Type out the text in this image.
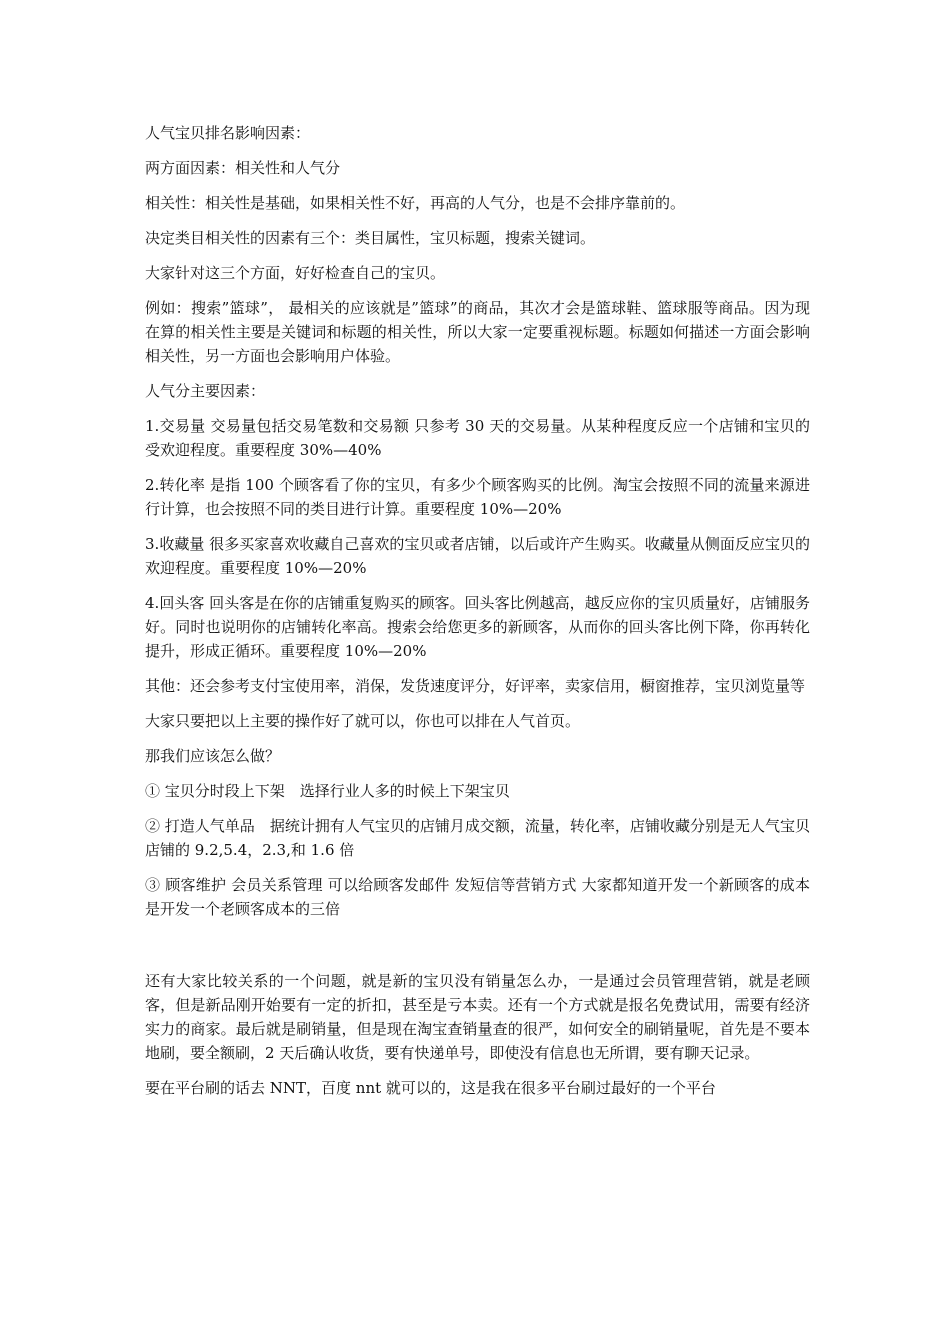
人气宝贝排名影响因素：

两方面因素：相关性和人气分

相关性：相关性是基础，如果相关性不好，再高的人气分，也是不会排序靠前的。

决定类目相关性的因素有三个：类目属性，宝贝标题，搜索关键词。

大家针对这三个方面，好好检查自己的宝贝。

例如：搜索”篮球”， 最相关的应该就是”篮球”的商品，其次才会是篮球鞋、篮球服等商品。因为现在算的相关性主要是关键词和标题的相关性，所以大家一定要重视标题。标题如何描述一方面会影响相关性，另一方面也会影响用户体验。

人气分主要因素：

1.交易量 交易量包括交易笔数和交易额 只参考 30 天的交易量。从某种程度反应一个店铺和宝贝的受欢迎程度。重要程度 30%—40%

2.转化率 是指 100 个顾客看了你的宝贝，有多少个顾客购买的比例。淘宝会按照不同的流量来源进行计算，也会按照不同的类目进行计算。重要程度 10%—20%

3.收藏量 很多买家喜欢收藏自己喜欢的宝贝或者店铺，以后或许产生购买。收藏量从侧面反应宝贝的欢迎程度。重要程度 10%—20%

4.回头客 回头客是在你的店铺重复购买的顾客。回头客比例越高，越反应你的宝贝质量好，店铺服务好。同时也说明你的店铺转化率高。搜索会给您更多的新顾客，从而你的回头客比例下降，你再转化提升，形成正循环。重要程度 10%—20%

其他：还会参考支付宝使用率，消保，发货速度评分，好评率，卖家信用，橱窗推荐，宝贝浏览量等

大家只要把以上主要的操作好了就可以，你也可以排在人气首页。

那我们应该怎么做？

① 宝贝分时段上下架　选择行业人多的时候上下架宝贝

② 打造人气单品　据统计拥有人气宝贝的店铺月成交额，流量，转化率，店铺收藏分别是无人气宝贝店铺的 9.2,5.4，2.3,和 1.6 倍

③ 顾客维护 会员关系管理 可以给顾客发邮件 发短信等营销方式 大家都知道开发一个新顾客的成本是开发一个老顾客成本的三倍

还有大家比较关系的一个问题，就是新的宝贝没有销量怎么办，一是通过会员管理营销，就是老顾客，但是新品刚开始要有一定的折扣，甚至是亏本卖。还有一个方式就是报名免费试用，需要有经济实力的商家。最后就是刷销量，但是现在淘宝查销量查的很严，如何安全的刷销量呢，首先是不要本地刷，要全额刷，2 天后确认收货，要有快递单号，即使没有信息也无所谓，要有聊天记录。

要在平台刷的话去 NNT，百度 nnt 就可以的，这是我在很多平台刷过最好的一个平台
